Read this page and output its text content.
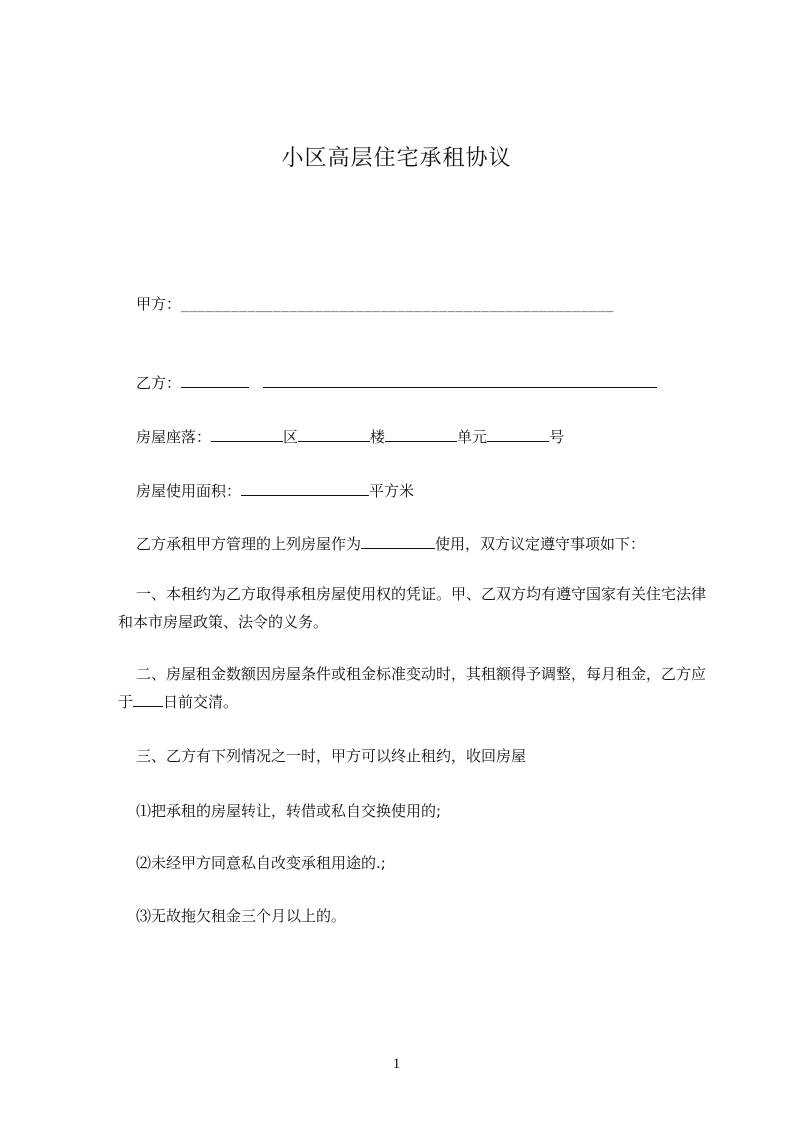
小区高层住宅承租协议

甲方：____________________________________________________

乙方：

房屋座落：	区	楼	单元	号

房屋使用面积：	平方米

乙方承租甲方管理的上列房屋作为	使用，双方议定遵守事项如下：

一、本租约为乙方取得承租房屋使用权的凭证。甲、乙双方均有遵守国家有关住宅法律和本市房屋政策、法令的义务。

二、房屋租金数额因房屋条件或租金标准变动时，其租额得予调整，每月租金，乙方应于 日前交清。

三、乙方有下列情况之一时，甲方可以终止租约，收回房屋

⑴把承租的房屋转让，转借或私自交换使用的;

⑵未经甲方同意私自改变承租用途的.;

⑶无故拖欠租金三个月以上的。

1
